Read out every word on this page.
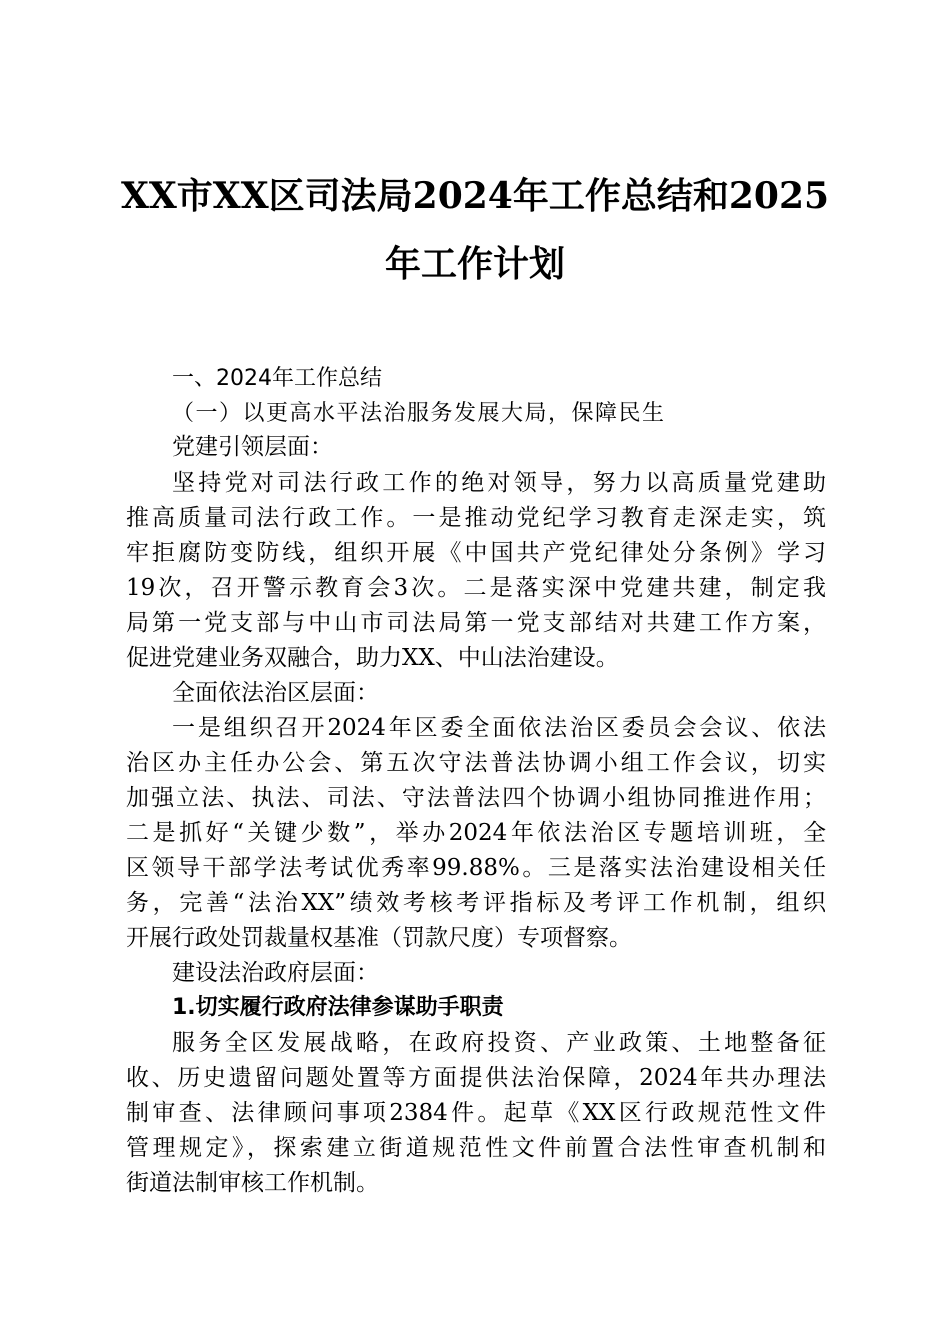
XX市XX区司法局2024年工作总结和2025
年工作计划
一、2024年工作总结
（一）以更高水平法治服务发展大局，保障民生
党建引领层面：
坚持党对司法行政工作的绝对领导，努力以高质量党建助
推高质量司法行政工作。一是推动党纪学习教育走深走实，筑
牢拒腐防变防线，组织开展《中国共产党纪律处分条例》学习
19次，召开警示教育会3次。二是落实深中党建共建，制定我
局第一党支部与中山市司法局第一党支部结对共建工作方案，
促进党建业务双融合，助力XX、中山法治建设。
全面依法治区层面：
一是组织召开2024年区委全面依法治区委员会会议、依法
治区办主任办公会、第五次守法普法协调小组工作会议，切实
加强立法、执法、司法、守法普法四个协调小组协同推进作用；
二是抓好“关键少数”，举办2024年依法治区专题培训班，全
区领导干部学法考试优秀率99.88%。三是落实法治建设相关任
务，完善“法治XX”绩效考核考评指标及考评工作机制，组织
开展行政处罚裁量权基准（罚款尺度）专项督察。
建设法治政府层面：
1.切实履行政府法律参谋助手职责
服务全区发展战略，在政府投资、产业政策、土地整备征
收、历史遗留问题处置等方面提供法治保障，2024年共办理法
制审查、法律顾问事项2384件。起草《XX区行政规范性文件
管理规定》，探索建立街道规范性文件前置合法性审查机制和
街道法制审核工作机制。
